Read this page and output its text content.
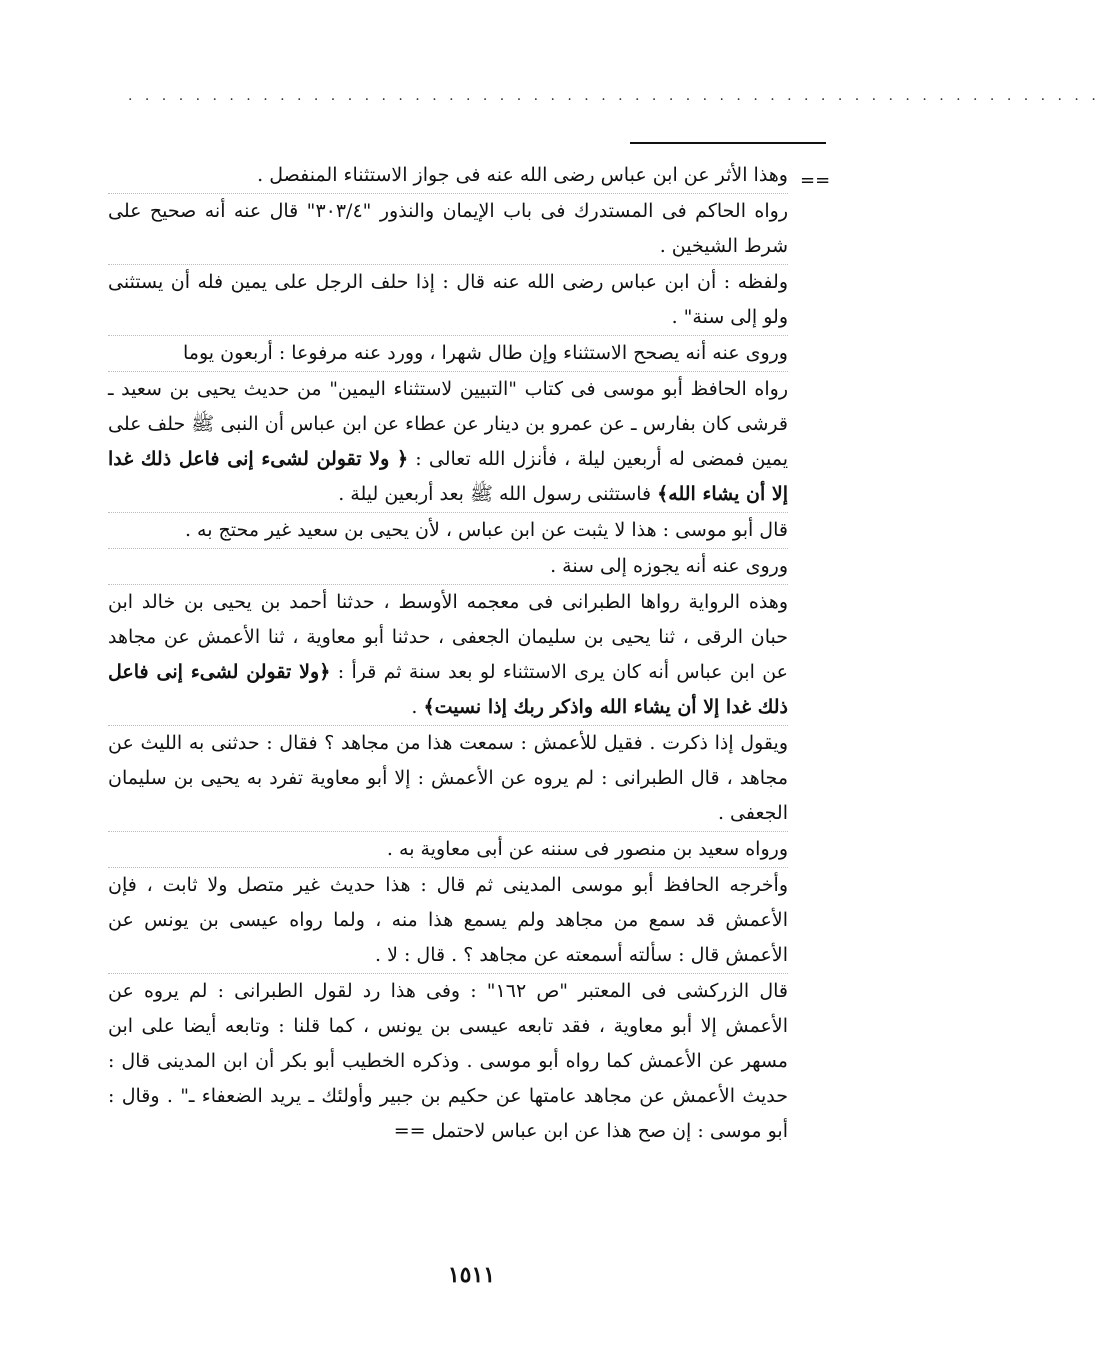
. . . . . . . . . . . . . . . . . . . . . . . . . . . . . . . . . . . . . . . . . . . . . . . . . . . . . . . . . .
==

وهذا الأثر عن ابن عباس رضى الله عنه فى جواز الاستثناء المنفصل .

رواه الحاكم فى المستدرك فى باب الإيمان والنذور "٣٠٣/٤" قال عنه أنه صحيح على شرط الشيخين .

ولفظه : أن ابن عباس رضى الله عنه قال : إذا حلف الرجل على يمين فله أن يستثنى ولو إلى سنة" .

وروى عنه أنه يصحح الاستثناء وإن طال شهرا ، وورد عنه مرفوعا : أربعون يوما

رواه الحافظ أبو موسى فى كتاب "التبيين لاستثناء اليمين" من حديث يحيى بن سعيد ـ قرشى كان بفارس ـ عن عمرو بن دينار عن عطاء عن ابن عباس أن النبى ﷺ حلف على يمين فمضى له أربعين ليلة ، فأنزل الله تعالى : ﴿ ولا تقولن لشىء إنى فاعل ذلك غدا إلا أن يشاء الله﴾ فاستثنى رسول الله ﷺ بعد أربعين ليلة .

قال أبو موسى : هذا لا يثبت عن ابن عباس ، لأن يحيى بن سعيد غير محتج به .

وروى عنه أنه يجوزه إلى سنة .

وهذه الرواية رواها الطبرانى فى معجمه الأوسط ، حدثنا أحمد بن يحيى بن خالد ابن حبان الرقى ، ثنا يحيى بن سليمان الجعفى ، حدثنا أبو معاوية ، ثنا الأعمش عن مجاهد عن ابن عباس أنه كان يرى الاستثناء لو بعد سنة ثم قرأ : ﴿ولا تقولن لشىء إنى فاعل ذلك غدا إلا أن يشاء الله واذكر ربك إذا نسيت﴾ .

ويقول إذا ذكرت . فقيل للأعمش : سمعت هذا من مجاهد ؟ فقال : حدثنى به الليث عن مجاهد ، قال الطبرانى : لم يروه عن الأعمش : إلا أبو معاوية تفرد به يحيى بن سليمان الجعفى .

ورواه سعيد بن منصور فى سننه عن أبى معاوية به .

وأخرجه الحافظ أبو موسى المدينى ثم قال : هذا حديث غير متصل ولا ثابت ، فإن الأعمش قد سمع من مجاهد ولم يسمع هذا منه ، ولما رواه عيسى بن يونس عن الأعمش قال : سألته أسمعته عن مجاهد ؟ . قال : لا .

قال الزركشى فى المعتبر "ص ١٦٢" : وفى هذا رد لقول الطبرانى : لم يروه عن الأعمش إلا أبو معاوية ، فقد تابعه عيسى بن يونس ، كما قلنا : وتابعه أيضا على ابن مسهر عن الأعمش كما رواه أبو موسى . وذكره الخطيب أبو بكر أن ابن المدينى قال : حديث الأعمش عن مجاهد عامتها عن حكيم بن جبير وأولئك ـ يريد الضعفاء ـ" . وقال : أبو موسى : إن صح هذا عن ابن عباس لاحتمل ==

١٥١١
